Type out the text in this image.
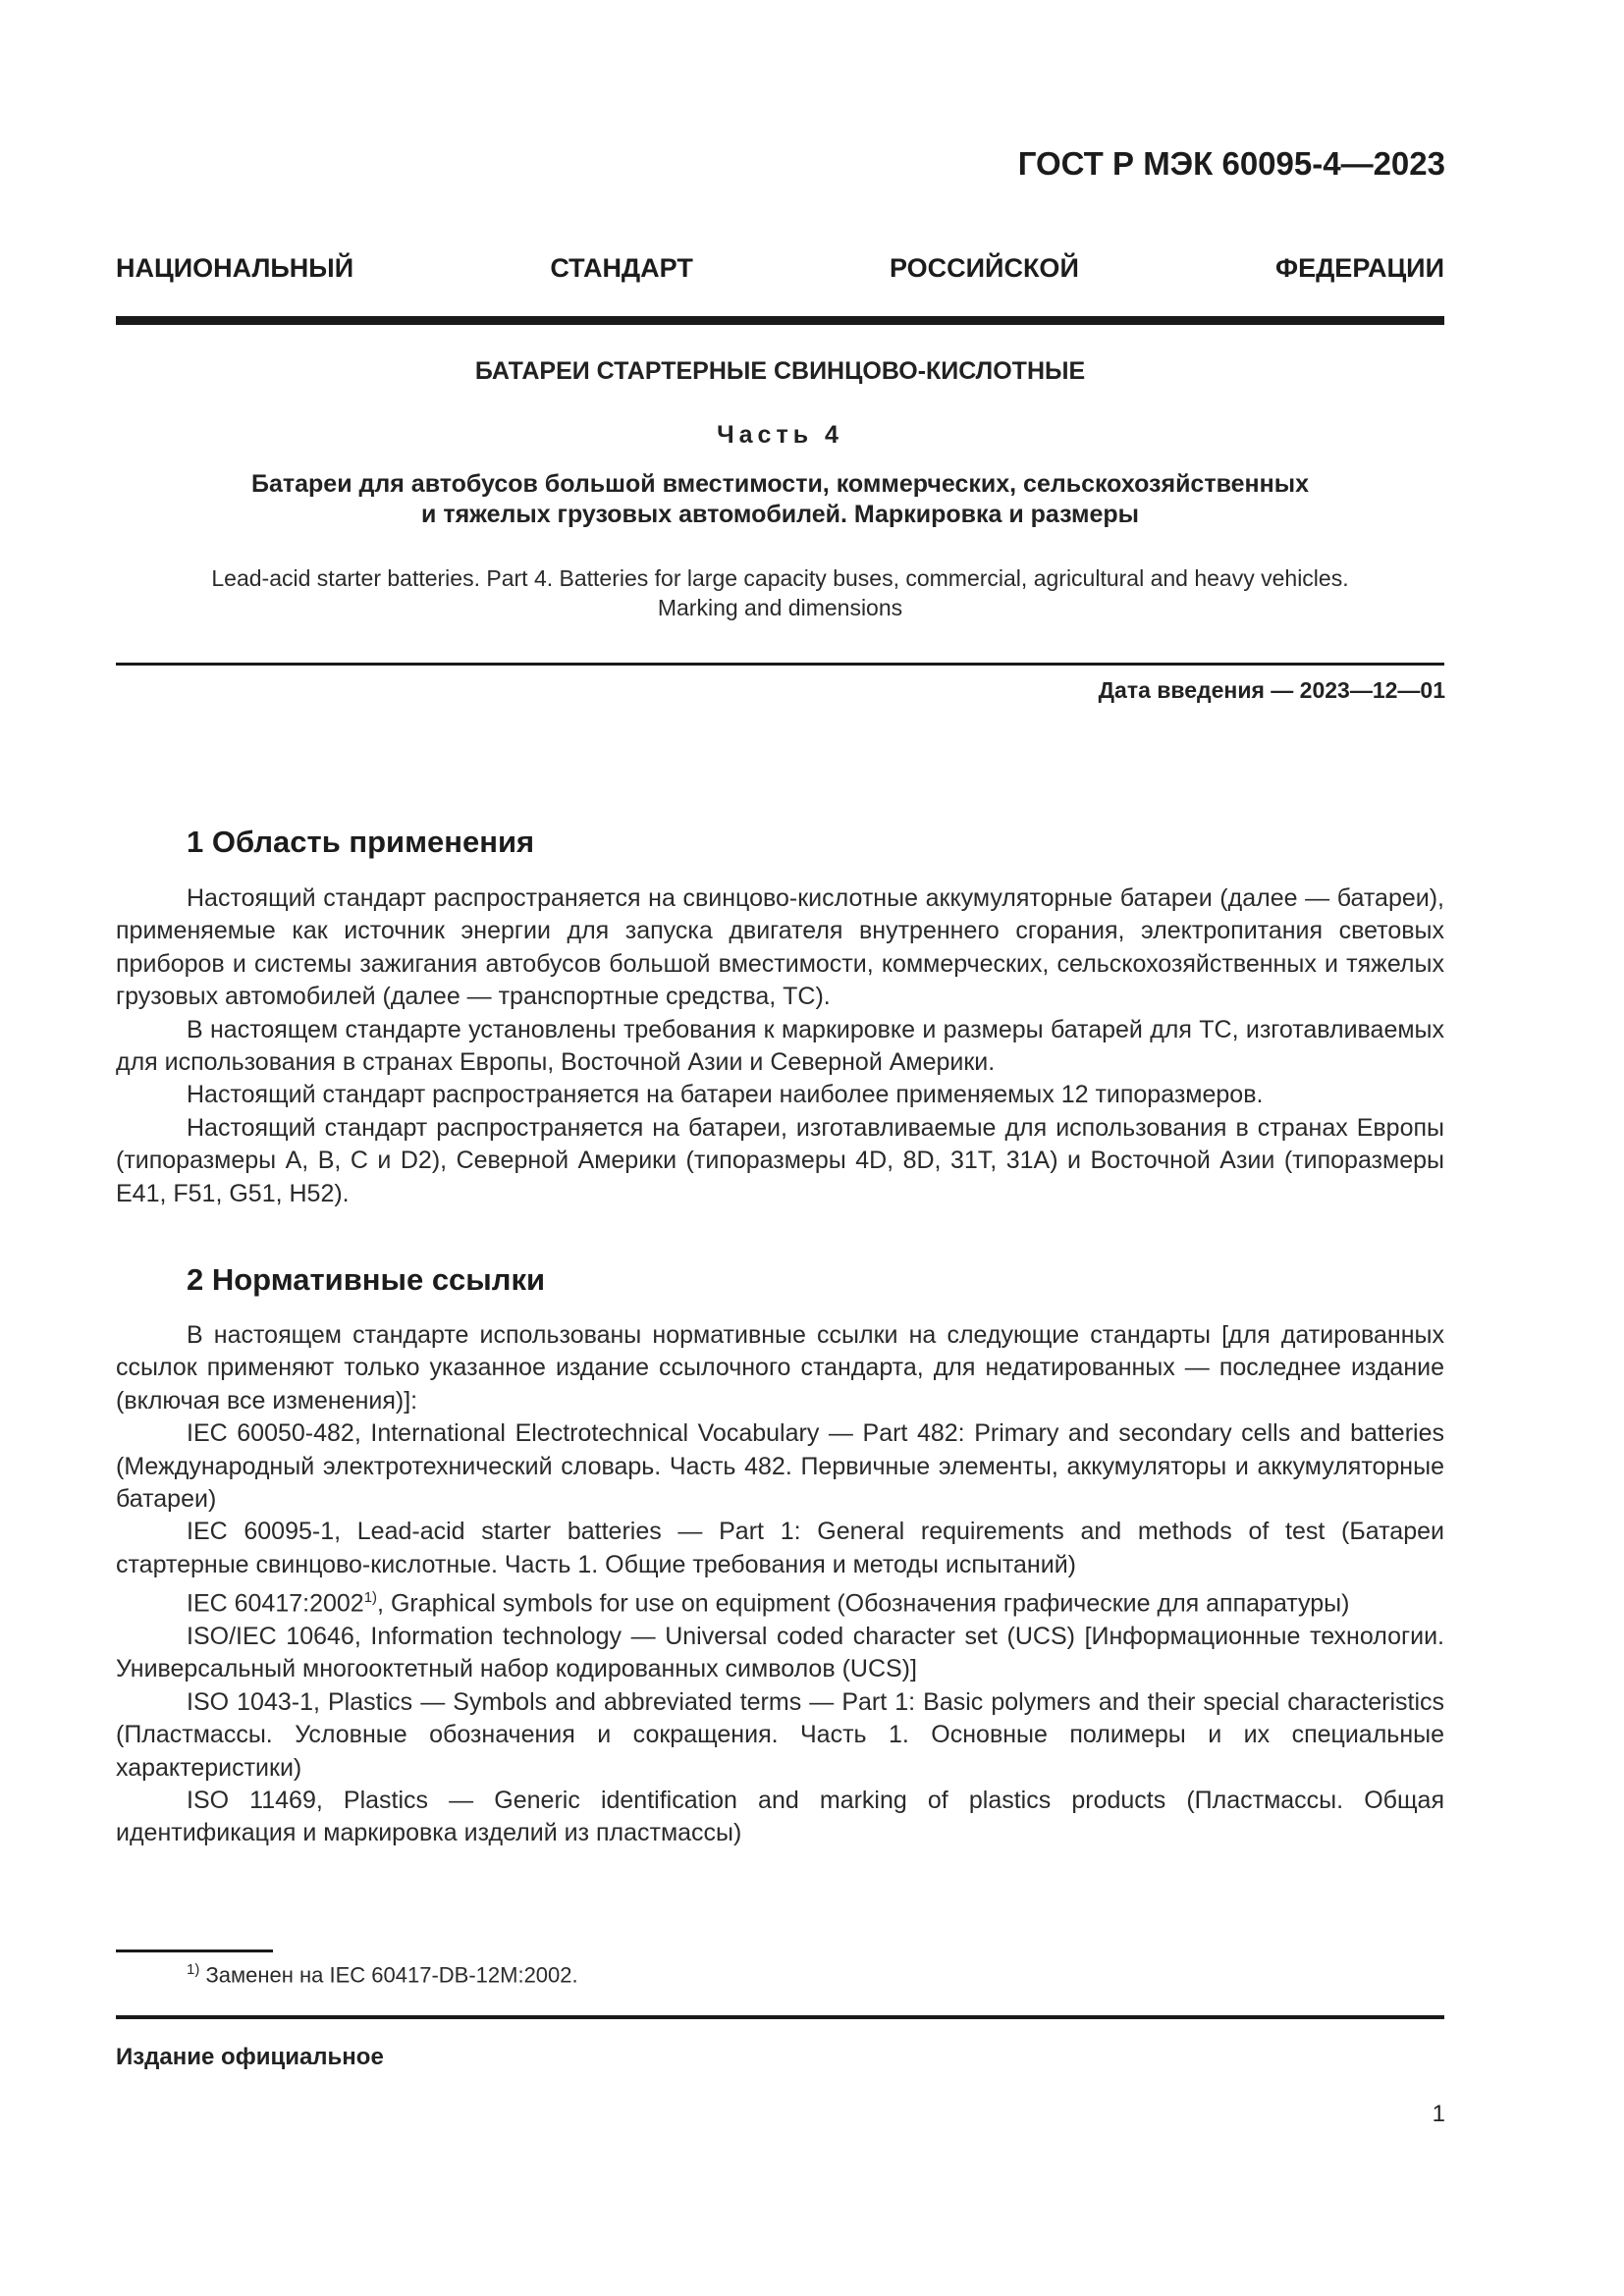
ГОСТ Р МЭК 60095-4—2023
НАЦИОНАЛЬНЫЙ СТАНДАРТ РОССИЙСКОЙ ФЕДЕРАЦИИ
БАТАРЕИ СТАРТЕРНЫЕ СВИНЦОВО-КИСЛОТНЫЕ
Часть 4
Батареи для автобусов большой вместимости, коммерческих, сельскохозяйственных
и тяжелых грузовых автомобилей. Маркировка и размеры
Lead-acid starter batteries. Part 4. Batteries for large capacity buses, commercial, agricultural and heavy vehicles.
Marking and dimensions
Дата введения — 2023—12—01
1 Область применения

Настоящий стандарт распространяется на свинцово-кислотные аккумуляторные батареи (далее — батареи), применяемые как источник энергии для запуска двигателя внутреннего сгорания, электропитания световых приборов и системы зажигания автобусов большой вместимости, коммерческих, сельскохозяйственных и тяжелых грузовых автомобилей (далее — транспортные средства, ТС).

В настоящем стандарте установлены требования к маркировке и размеры батарей для ТС, изготавливаемых для использования в странах Европы, Восточной Азии и Северной Америки.

Настоящий стандарт распространяется на батареи наиболее применяемых 12 типоразмеров.

Настоящий стандарт распространяется на батареи, изготавливаемые для использования в странах Европы (типоразмеры A, B, C и D2), Северной Америки (типоразмеры 4D, 8D, 31T, 31A) и Восточной Азии (типоразмеры E41, F51, G51, H52).

2 Нормативные ссылки

В настоящем стандарте использованы нормативные ссылки на следующие стандарты [для датированных ссылок применяют только указанное издание ссылочного стандарта, для недатированных — последнее издание (включая все изменения)]:

IEC 60050-482, International Electrotechnical Vocabulary — Part 482: Primary and secondary cells and batteries (Международный электротехнический словарь. Часть 482. Первичные элементы, аккумуляторы и аккумуляторные батареи)

IEC 60095-1, Lead-acid starter batteries — Part 1: General requirements and methods of test (Батареи стартерные свинцово-кислотные. Часть 1. Общие требования и методы испытаний)

IEC 60417:2002$^{1)}$, Graphical symbols for use on equipment (Обозначения графические для аппаратуры)

ISO/IEC 10646, Information technology — Universal coded character set (UCS) [Информационные технологии. Универсальный многооктетный набор кодированных символов (UCS)]

ISO 1043-1, Plastics — Symbols and abbreviated terms — Part 1: Basic polymers and their special characteristics (Пластмассы. Условные обозначения и сокращения. Часть 1. Основные полимеры и их специальные характеристики)

ISO 11469, Plastics — Generic identification and marking of plastics products (Пластмассы. Общая идентификация и маркировка изделий из пластмассы)

$^{1)}$ Заменен на IEC 60417-DB-12M:2002.
Издание официальное
1
